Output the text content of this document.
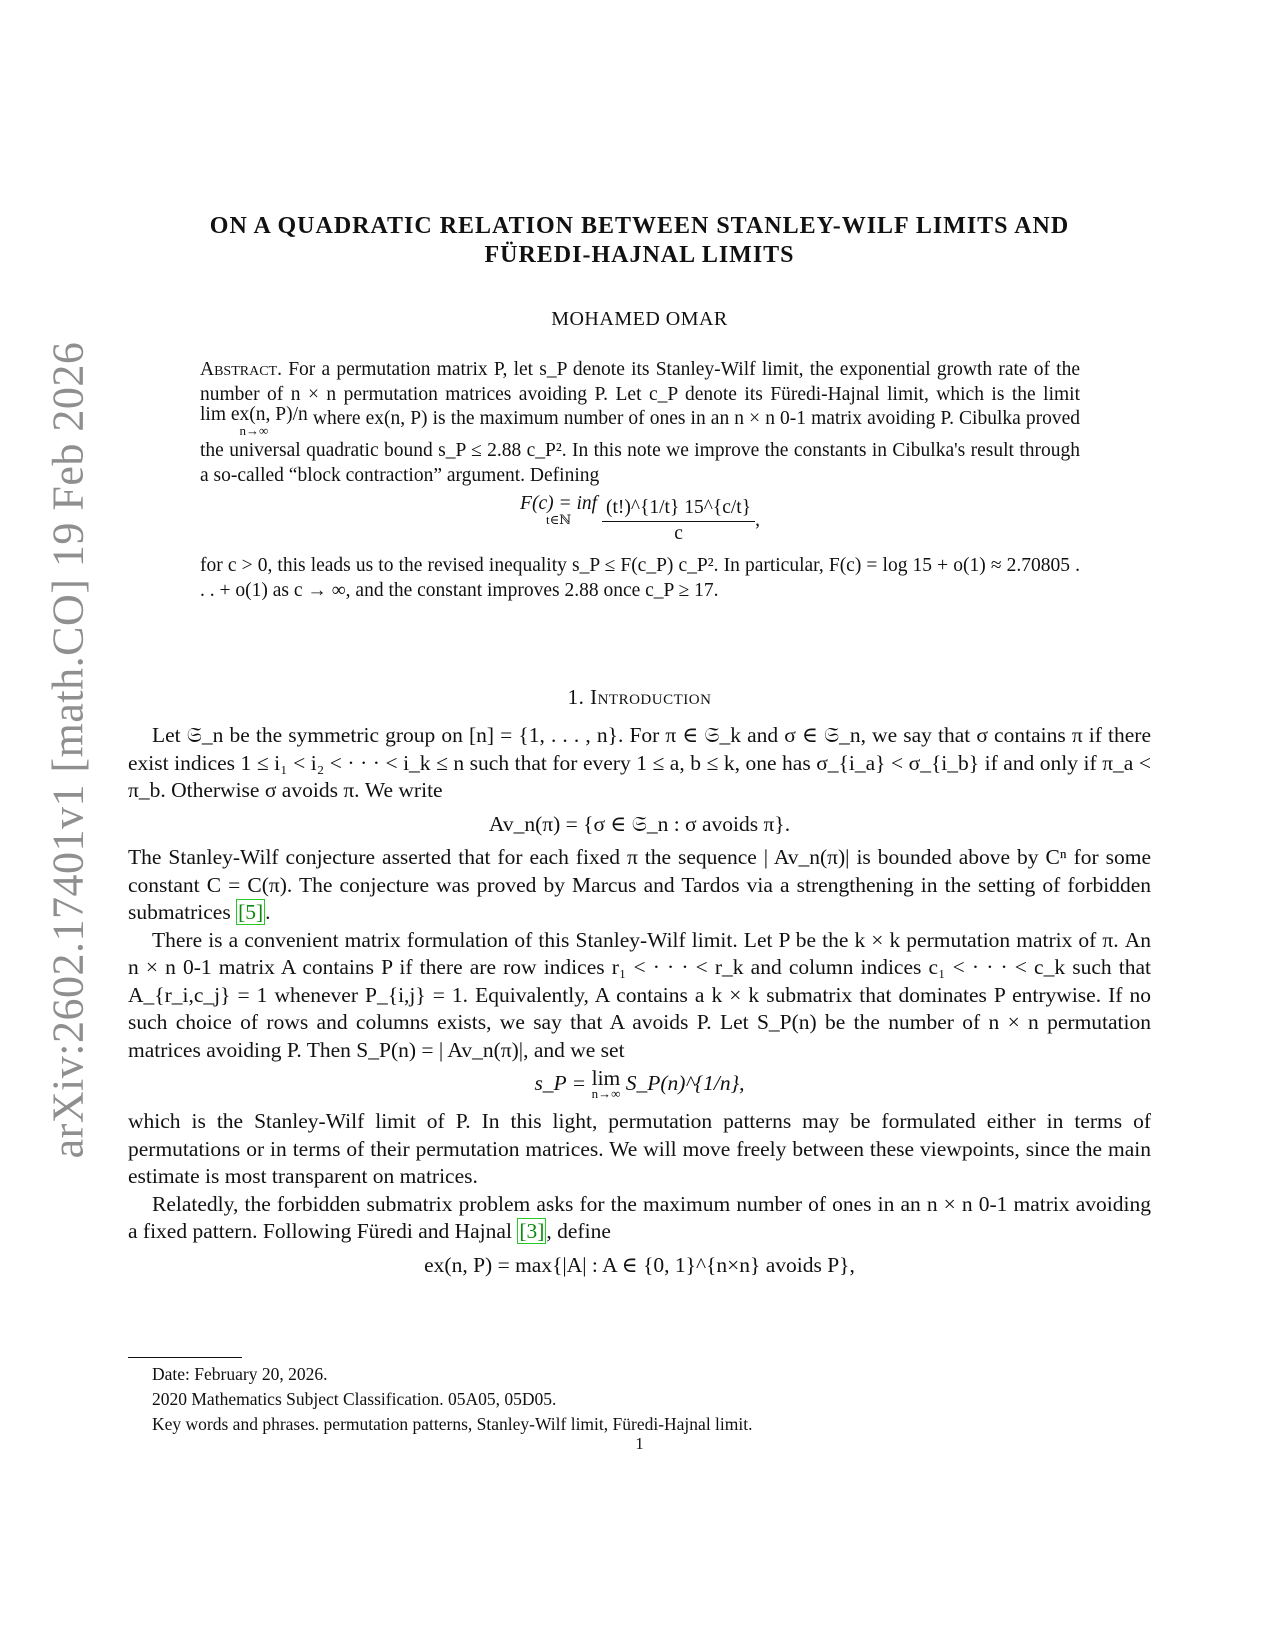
arXiv:2602.17401v1 [math.CO] 19 Feb 2026
ON A QUADRATIC RELATION BETWEEN STANLEY-WILF LIMITS AND
FÜREDI-HAJNAL LIMITS
MOHAMED OMAR

Abstract. For a permutation matrix P, let s_P denote its Stanley-Wilf limit, the exponential growth rate of the number of n × n permutation matrices avoiding P. Let c_P denote its Füredi-Hajnal limit, which is the limit lim ex(n, P)/n
n→∞
where ex(n, P) is the maximum number of ones in an n × n 0-1 matrix avoiding P. Cibulka proved the universal quadratic bound s_P ≤ 2.88 c_P². In this note we improve the constants in Cibulka's result through a so-called “block contraction” argument. Defining

F(c) = inf
t∈ℕ
	$\frac{(t!)\^{}\{1/t\} 15\^{}\{c/t\}}{c}$ ,

for c > 0, this leads us to the revised inequality s_P ≤ F(c_P) c_P². In particular, F(c) = log 15 + o(1) ≈ 2.70805 . . . + o(1) as c → ∞, and the constant improves 2.88 once c_P ≥ 17.

1. Introduction

Let 𝔖_n be the symmetric group on [n] = {1, . . . , n}. For π ∈ 𝔖_k and σ ∈ 𝔖_n, we say that σ contains π if there exist indices 1 ≤ i₁ < i₂ < · · · < i_k ≤ n such that for every 1 ≤ a, b ≤ k, one has σ_{i_a} < σ_{i_b} if and only if π_a < π_b. Otherwise σ avoids π. We write

Av_n(π) = {σ ∈ 𝔖_n : σ avoids π}.

The Stanley-Wilf conjecture asserted that for each fixed π the sequence | Av_n(π)| is bounded above by Cⁿ for some constant C = C(π). The conjecture was proved by Marcus and Tardos via a strengthening in the setting of forbidden submatrices [5].

There is a convenient matrix formulation of this Stanley-Wilf limit. Let P be the k × k permutation matrix of π. An n × n 0-1 matrix A contains P if there are row indices r₁ < · · · < r_k and column indices c₁ < · · · < c_k such that A_{r_i,c_j} = 1 whenever P_{i,j} = 1. Equivalently, A contains a k × k submatrix that dominates P entrywise. If no such choice of rows and columns exists, we say that A avoids P. Let S_P(n) be the number of n × n permutation matrices avoiding P. Then S_P(n) = | Av_n(π)|, and we set

s_P = lim
n→∞ S_P(n)^{1/n},

which is the Stanley-Wilf limit of P. In this light, permutation patterns may be formulated either in terms of permutations or in terms of their permutation matrices. We will move freely between these viewpoints, since the main estimate is most transparent on matrices.

Relatedly, the forbidden submatrix problem asks for the maximum number of ones in an n × n 0-1 matrix avoiding a fixed pattern. Following Füredi and Hajnal [3], define

ex(n, P) = max{|A| : A ∈ {0, 1}^{n×n} avoids P},
Date: February 20, 2026.
2020 Mathematics Subject Classification. 05A05, 05D05.
Key words and phrases. permutation patterns, Stanley-Wilf limit, Füredi-Hajnal limit.
1
